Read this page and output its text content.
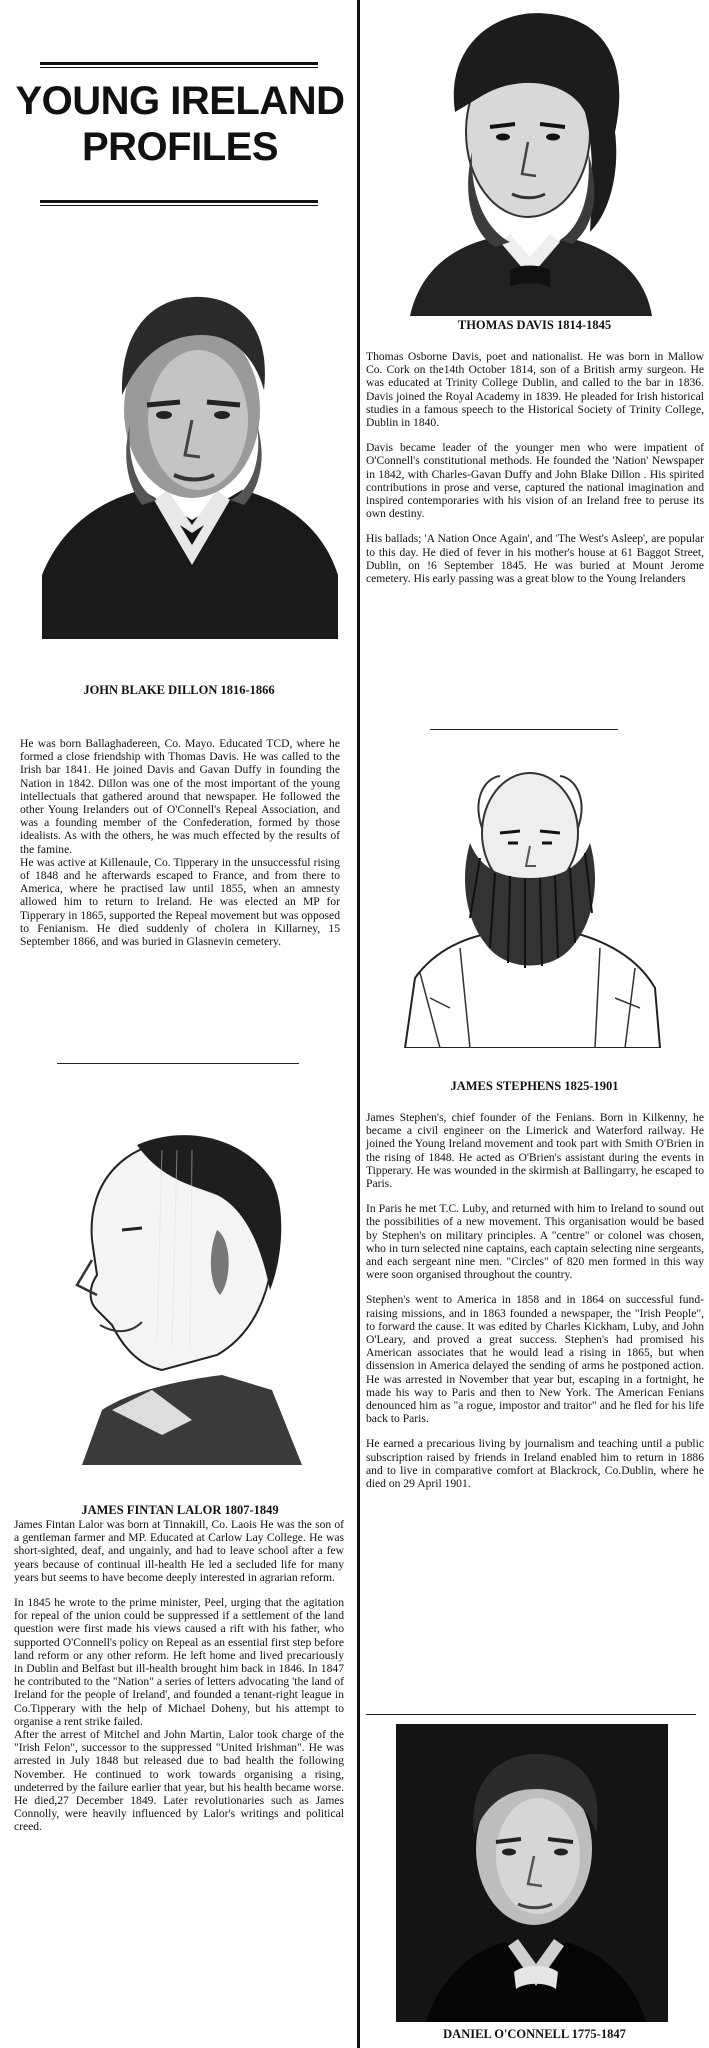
YOUNG IRELAND
PROFILES
JOHN BLAKE DILLON 1816-1866

He was born Ballaghadereen, Co. Mayo. Educated TCD, where he formed a close friendship with Thomas Davis. He was called to the Irish bar 1841. He joined Davis and Gavan Duffy in founding the Nation in 1842. Dillon was one of the most important of the young intellectuals that gathered around that newspaper. He followed the other Young Irelanders out of O'Connell's Repeal Association, and was a founding member of the Confederation, formed by those idealists. As with the others, he was much effected by the results of the famine.

He was active at Killenaule, Co. Tipperary in the unsuccessful rising of 1848 and he afterwards escaped to France, and from there to America, where he practised law until 1855, when an amnesty allowed him to return to Ireland. He was elected an MP for Tipperary in 1865, supported the Repeal movement but was opposed to Fenianism. He died suddenly of cholera in Killarney, 15 September 1866, and was buried in Glasnevin cemetery.

JAMES FINTAN LALOR 1807-1849

James Fintan Lalor was born at Tinnakill, Co. Laois He was the son of a gentleman farmer and MP. Educated at Carlow Lay College. He was short-sighted, deaf, and ungainly, and had to leave school after a few years because of continual ill-health He led a secluded life for many years but seems to have become deeply interested in agrarian reform.

In 1845 he wrote to the prime minister, Peel, urging that the agitation for repeal of the union could be suppressed if a settlement of the land question were first made his views caused a rift with his father, who supported O'Connell's policy on Repeal as an essential first step before land reform or any other reform. He left home and lived precariously in Dublin and Belfast but ill-health brought him back in 1846. In 1847 he contributed to the "Nation" a series of letters advocating 'the land of Ireland for the people of Ireland', and founded a tenant-right league in Co.Tipperary with the help of Michael Doheny, but his attempt to organise a rent strike failed.

After the arrest of Mitchel and John Martin, Lalor took charge of the "Irish Felon", successor to the suppressed "United Irishman". He was arrested in July 1848 but released due to bad health the following November. He continued to work towards organising a rising, undeterred by the failure earlier that year, but his health became worse. He died,27 December 1849. Later revolutionaries such as James Connolly, were heavily influenced by Lalor's writings and political creed.

THOMAS DAVIS 1814-1845

Thomas Osborne Davis, poet and nationalist. He was born in Mallow Co. Cork on the14th October 1814, son of a British army surgeon. He was educated at Trinity College Dublin, and called to the bar in 1836. Davis joined the Royal Academy in 1839. He pleaded for Irish historical studies in a famous speech to the Historical Society of Trinity College, Dublin in 1840.

Davis became leader of the younger men who were impatient of O'Connell's constitutional methods. He founded the 'Nation' Newspaper in 1842, with Charles-Gavan Duffy and John Blake Dillon . His spirited contributions in prose and verse, captured the national imagination and inspired contemporaries with his vision of an Ireland free to peruse its own destiny.

His ballads; 'A Nation Once Again', and 'The West's Asleep', are popular to this day. He died of fever in his mother's house at 61 Baggot Street, Dublin, on !6 September 1845. He was buried at Mount Jerome cemetery. His early passing was a great blow to the Young Irelanders

JAMES STEPHENS 1825-1901

James Stephen's, chief founder of the Fenians. Born in Kilkenny, he became a civil engineer on the Limerick and Waterford railway. He joined the Young Ireland movement and took part with Smith O'Brien in the rising of 1848. He acted as O'Brien's assistant during the events in Tipperary. He was wounded in the skirmish at Ballingarry, he escaped to Paris.

In Paris he met T.C. Luby, and returned with him to Ireland to sound out the possibilities of a new movement. This organisation would be based by Stephen's on military principles. A "centre" or colonel was chosen, who in turn selected nine captains, each captain selecting nine sergeants, and each sergeant nine men. "Circles" of 820 men formed in this way were soon organised throughout the country.

Stephen's went to America in 1858 and in 1864 on successful fund-raising missions, and in 1863 founded a newspaper, the "Irish People", to forward the cause. It was edited by Charles Kickham, Luby, and John O'Leary, and proved a great success. Stephen's had promised his American associates that he would lead a rising in 1865, but when dissension in America delayed the sending of arms he postponed action. He was arrested in November that year but, escaping in a fortnight, he made his way to Paris and then to New York. The American Fenians denounced him as "a rogue, impostor and traitor" and he fled for his life back to Paris.

He earned a precarious living by journalism and teaching until a public subscription raised by friends in Ireland enabled him to return in 1886 and to live in comparative comfort at Blackrock, Co.Dublin, where he died on 29 April 1901.

DANIEL O'CONNELL 1775-1847
